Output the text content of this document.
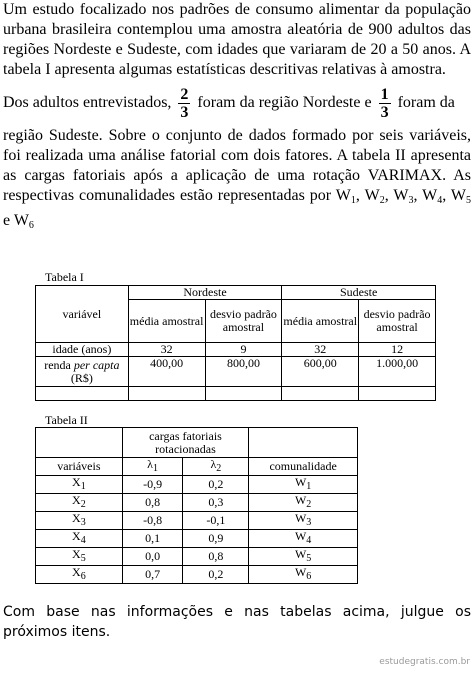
Um estudo focalizado nos padrões de consumo alimentar da população urbana brasileira contemplou uma amostra aleatória de 900 adultos das regiões Nordeste e Sudeste, com idades que variaram de 20 a 50 anos. A tabela I apresenta algumas estatísticas descritivas relativas à amostra.

Dos adultos entrevistados, $\frac{2}{3}$ foram da região Nordeste e $\frac{1}{3}$ foram da

região Sudeste. Sobre o conjunto de dados formado por seis variáveis, foi realizada uma análise fatorial com dois fatores. A tabela II apresenta as cargas fatoriais após a aplicação de uma rotação VARIMAX. As respectivas comunalidades estão representadas por $W_1$, $W_2$, $W_3$, $W_4$, $W_5$ e $W_6$

Tabela I
variável	Nordeste		Sudeste	
	média amostral	desvio padrão amostral	média amostral	desvio padrão amostral
idade (anos)	32	9	32	12
renda per capta (R$)	400,00	800,00	600,00	1.000,00

Tabela II
	cargas fatoriais rotacionadas		
variáveis	$\lambda_1$	$\lambda_2$	comunalidade
$X_1$	-0,9	0,2	$W_1$
$X_2$	0,8	0,3	$W_2$
$X_3$	-0,8	-0,1	$W_3$
$X_4$	0,1	0,9	$W_4$
$X_5$	0,0	0,8	$W_5$
$X_6$	0,7	0,2	$W_6$

Com base nas informações e nas tabelas acima, julgue os próximos itens.

estudegratis.com.br
